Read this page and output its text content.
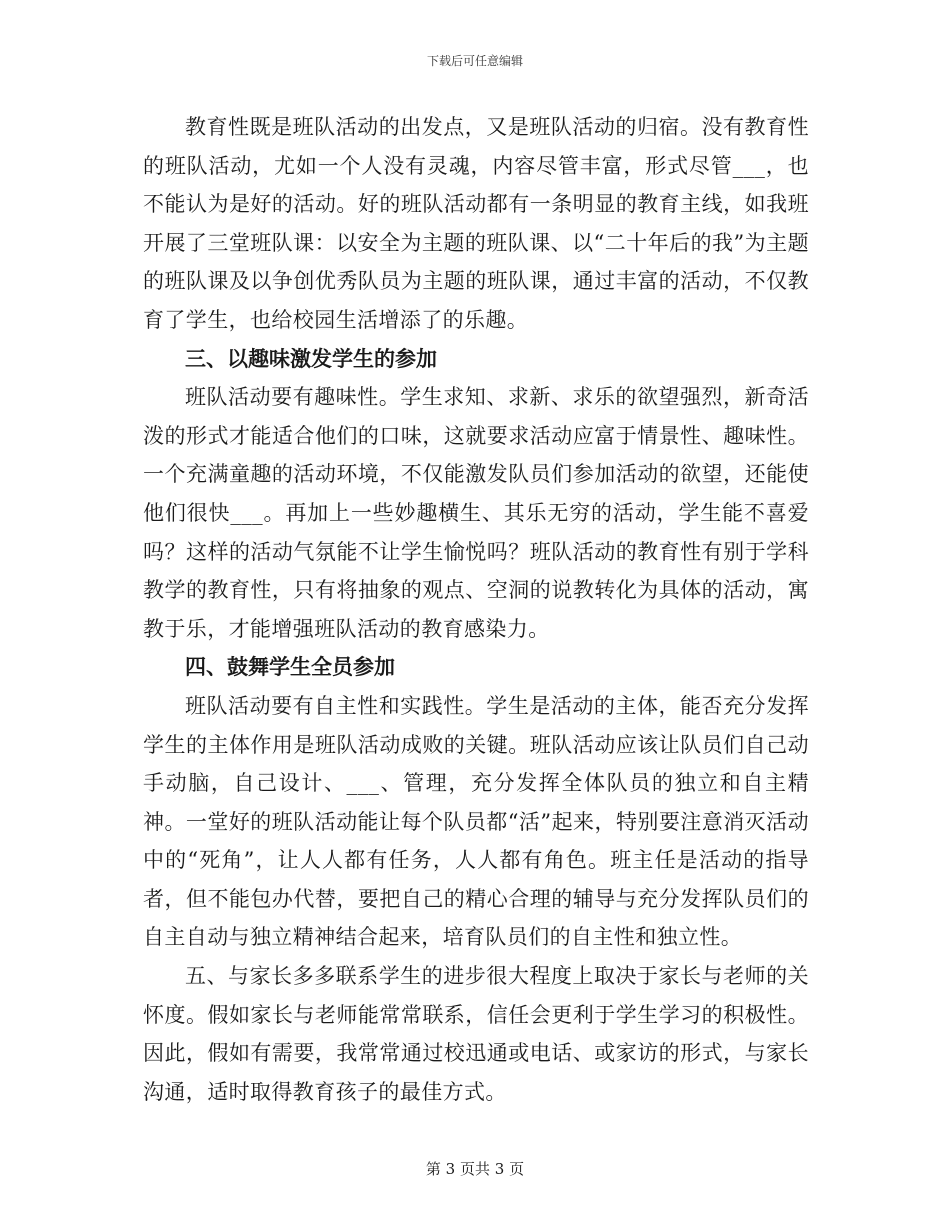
下载后可任意编辑

教育性既是班队活动的出发点，又是班队活动的归宿。没有教育性的班队活动，尤如一个人没有灵魂，内容尽管丰富，形式尽管___，也不能认为是好的活动。好的班队活动都有一条明显的教育主线，如我班开展了三堂班队课：以安全为主题的班队课、以“二十年后的我”为主题的班队课及以争创优秀队员为主题的班队课，通过丰富的活动，不仅教育了学生，也给校园生活增添了的乐趣。

三、以趣味激发学生的参加

班队活动要有趣味性。学生求知、求新、求乐的欲望强烈，新奇活泼的形式才能适合他们的口味，这就要求活动应富于情景性、趣味性。一个充满童趣的活动环境，不仅能激发队员们参加活动的欲望，还能使他们很快___。再加上一些妙趣横生、其乐无穷的活动，学生能不喜爱吗？这样的活动气氛能不让学生愉悦吗？班队活动的教育性有别于学科教学的教育性，只有将抽象的观点、空洞的说教转化为具体的活动，寓教于乐，才能增强班队活动的教育感染力。

四、鼓舞学生全员参加

班队活动要有自主性和实践性。学生是活动的主体，能否充分发挥学生的主体作用是班队活动成败的关键。班队活动应该让队员们自己动手动脑，自己设计、___、管理，充分发挥全体队员的独立和自主精神。一堂好的班队活动能让每个队员都“活”起来，特别要注意消灭活动中的“死角”，让人人都有任务，人人都有角色。班主任是活动的指导者，但不能包办代替，要把自己的精心合理的辅导与充分发挥队员们的自主自动与独立精神结合起来，培育队员们的自主性和独立性。

五、与家长多多联系学生的进步很大程度上取决于家长与老师的关怀度。假如家长与老师能常常联系，信任会更利于学生学习的积极性。因此，假如有需要，我常常通过校迅通或电话、或家访的形式，与家长沟通，适时取得教育孩子的最佳方式。

第 3 页共 3 页
